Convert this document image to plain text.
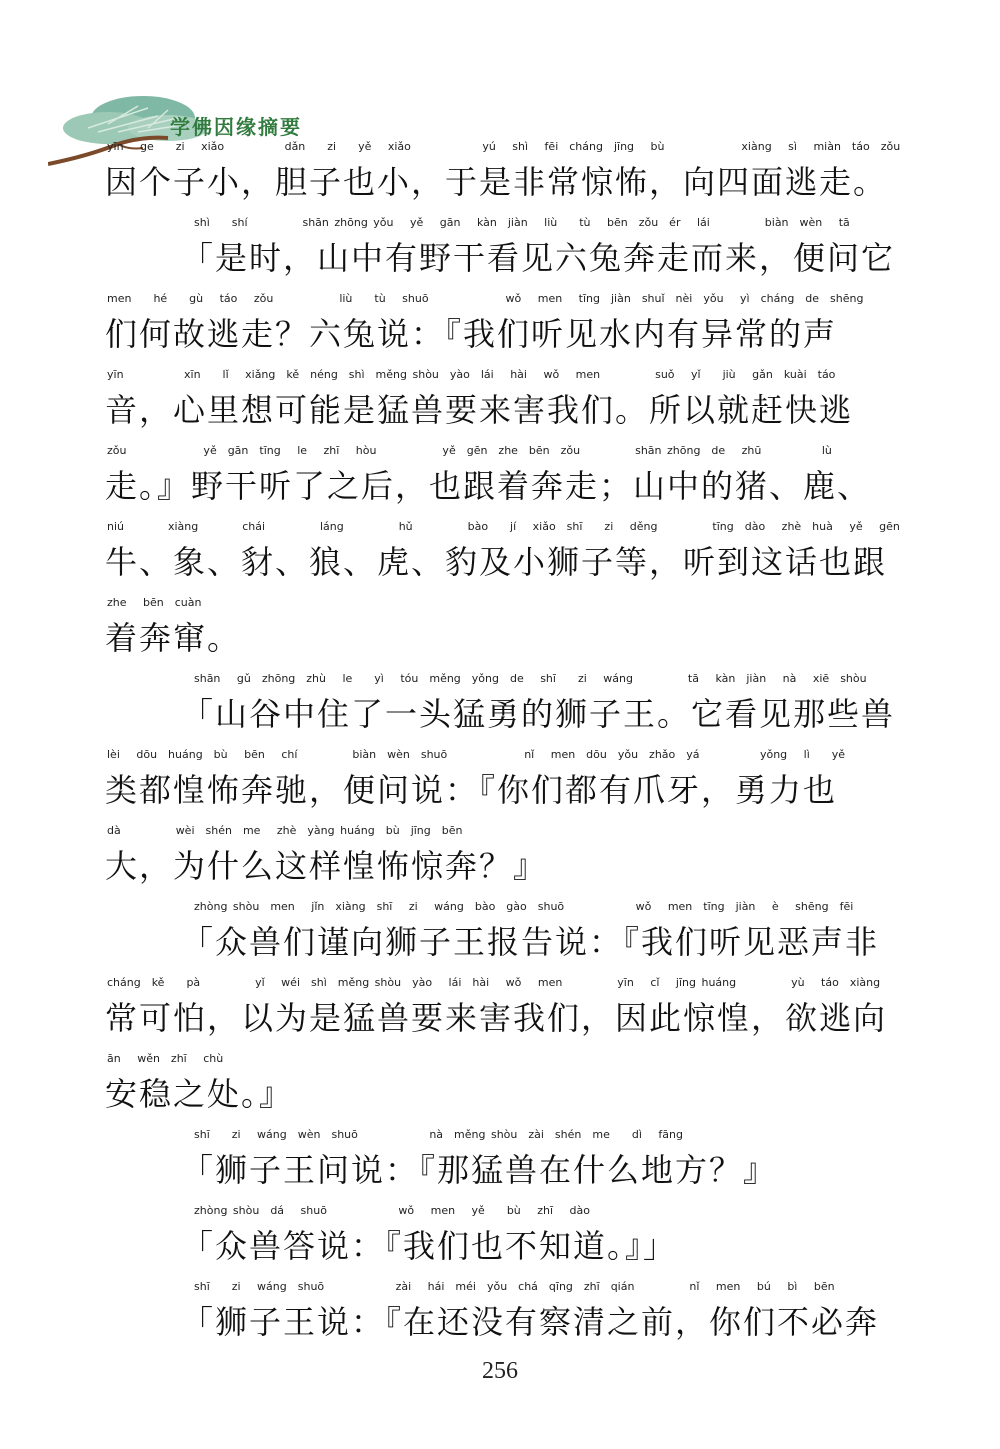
学佛因缘摘要
yīn   ge    zi   xiǎo           dǎn    zi    yě   xiǎo             yú   shì   fēi  cháng  jīng   bù              xiàng   sì   miàn  táo  zǒu
因个子小，胆子也小，于是非常惊怖，向四面逃走。
shì    shí          shān zhōng yǒu   yě   gān   kàn  jiàn   liù    tù   bēn  zǒu  ér   lái          biàn  wèn   tā
「是时，山中有野干看见六兔奔走而来，便问它
men    hé    gù   táo   zǒu            liù    tù   shuō              wǒ   men   tīng  jiàn  shuǐ  nèi  yǒu   yì  cháng  de  shēng
们何故逃走？六兔说：『我们听见水内有异常的声
yīn           xīn    lǐ   xiǎng  kě  néng  shì  měng shòu  yào  lái   hài   wǒ   men          suǒ   yǐ    jiù   gǎn  kuài  táo
音，心里想可能是猛兽要来害我们。所以就赶快逃
zǒu              yě  gān  tīng   le   zhī   hòu            yě  gēn  zhe  bēn  zǒu          shān zhōng  de   zhū           lù
走。』野干听了之后，也跟着奔走；山中的猪、鹿、
niú        xiàng        chái          láng          hǔ          bào    jí   xiǎo  shī    zi   děng          tīng  dào   zhè  huà   yě   gēn
牛、象、豺、狼、虎、豹及小狮子等，听到这话也跟
zhe   bēn  cuàn
着奔窜。
shān   gǔ  zhōng  zhù   le    yì   tóu  měng  yǒng  de   shī    zi   wáng          tā   kàn  jiàn   nà   xiē  shòu
「山谷中住了一头猛勇的狮子王。它看见那些兽
lèi   dōu  huáng  bù   bēn   chí          biàn  wèn  shuō              nǐ   men  dōu  yǒu  zhǎo  yá           yǒng   lì    yě
类都惶怖奔驰，便问说：『你们都有爪牙，勇力也
dà          wèi  shén  me   zhè  yàng huáng  bù  jīng  bēn
大，为什么这样惶怖惊奔？』
zhòng shòu  men   jǐn  xiàng  shī   zi   wáng  bào  gào  shuō             wǒ   men  tīng  jiàn   è   shēng  fēi
「众兽们谨向狮子王报告说：『我们听见恶声非
cháng  kě    pà          yǐ   wéi  shì  měng shòu  yào   lái  hài   wǒ   men          yīn   cǐ   jīng huáng          yù   táo  xiàng
常可怕，以为是猛兽要来害我们，因此惊惶，欲逃向
ān   wěn  zhī   chù
安稳之处。』
shī    zi   wáng  wèn  shuō             nà  měng shòu  zài  shén  me    dì   fāng
「狮子王问说：『那猛兽在什么地方？』
zhòng shòu  dá   shuō             wǒ   men   yě    bù   zhī   dào
「众兽答说：『我们也不知道。』」
shī    zi   wáng  shuō             zài   hái  méi  yǒu  chá  qīng  zhī  qián          nǐ   men   bú   bì   bēn
「狮子王说：『在还没有察清之前，你们不必奔
256
